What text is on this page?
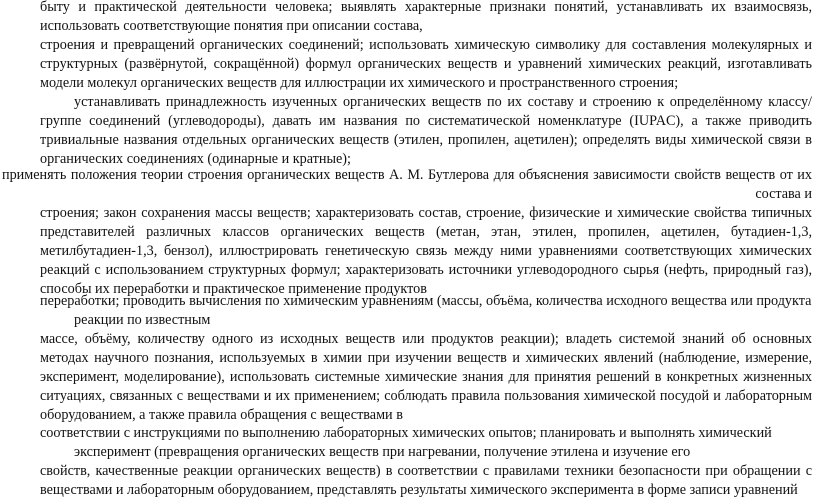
быту и практической деятельности человека; выявлять характерные признаки понятий, устанавливать их взаимосвязь, использовать соответствующие понятия при описании состава,

строения и превращений органических соединений; использовать химическую символику для составления молекулярных и структурных (развёрнутой, сокращённой) формул органических веществ и уравнений химических реакций, изготавливать модели молекул органических веществ для иллюстрации их химического и пространственного строения;

устанавливать принадлежность изученных органических веществ по их составу и строению к определённому классу/группе соединений (углеводороды), давать им названия по систематической номенклатуре (IUPAC), а также приводить тривиальные названия отдельных органических веществ (этилен, пропилен, ацетилен); определять виды химической связи в органических соединениях (одинарные и кратные);

применять положения теории строения органических веществ А. М. Бутлерова для объяснения зависимости свойств веществ от их состава и

строения; закон сохранения массы веществ; характеризовать состав, строение, физические и химические свойства типичных представителей различных классов органических веществ (метан, этан, этилен, пропилен, ацетилен, бутадиен-1,3, метилбутадиен-1,3, бензол), иллюстрировать генетическую связь между ними уравнениями соответствующих химических реакций с использованием структурных формул; характеризовать источники углеводородного сырья (нефть, природный газ), способы их переработки и практическое применение продуктов

переработки; проводить вычисления по химическим уравнениям (массы, объёма, количества исходного вещества или продукта
реакции по известным

массе, объёму, количеству одного из исходных веществ или продуктов реакции); владеть системой знаний об основных методах научного познания, используемых в химии при изучении веществ и химических явлений (наблюдение, измерение, эксперимент, моделирование), использовать системные химические знания для принятия решений в конкретных жизненных ситуациях, связанных с веществами и их применением; соблюдать правила пользования химической посудой и лабораторным оборудованием, а также правила обращения с веществами в

соответствии с инструкциями по выполнению лабораторных химических опытов; планировать и выполнять химический
эксперимент (превращения органических веществ при нагревании, получение этилена и изучение его

свойств, качественные реакции органических веществ) в соответствии с правилами техники безопасности при обращении с веществами и лабораторным оборудованием, представлять результаты химического эксперимента в форме записи уравнений
